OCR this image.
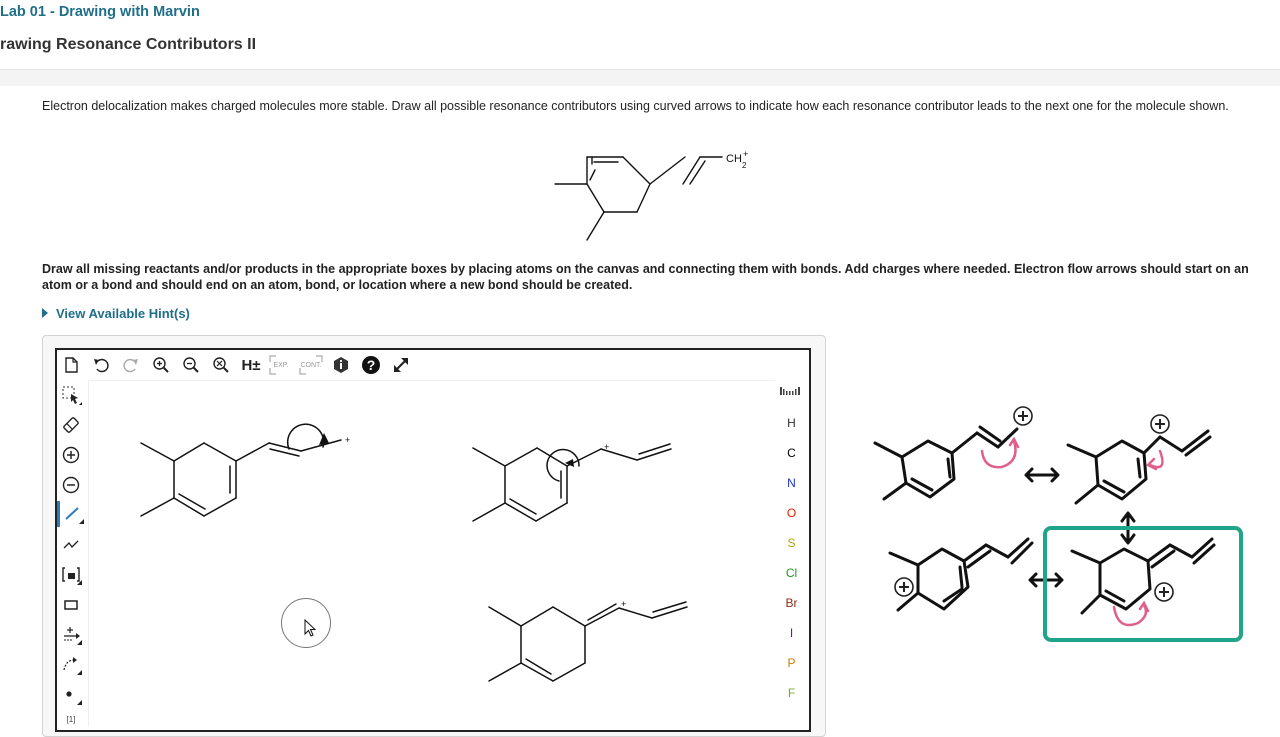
Lab 01 - Drawing with Marvin
rawing Resonance Contributors II
Electron delocalization makes charged molecules more stable. Draw all possible resonance contributors using curved arrows to indicate how each resonance contributor leads to the next one for the molecule shown.
CH
2
+
Draw all missing reactants and/or products in the appropriate boxes by placing atoms on the canvas and connecting them with bonds. Add charges where needed. Electron flow arrows should start on an atom or a bond and should end on an atom, bond, or location where a new bond should be created.
View Available Hint(s)
H± EXP. CONT.	?
[1]
+
+
+
H
C
N
O
S
Cl
Br
I
P
F
